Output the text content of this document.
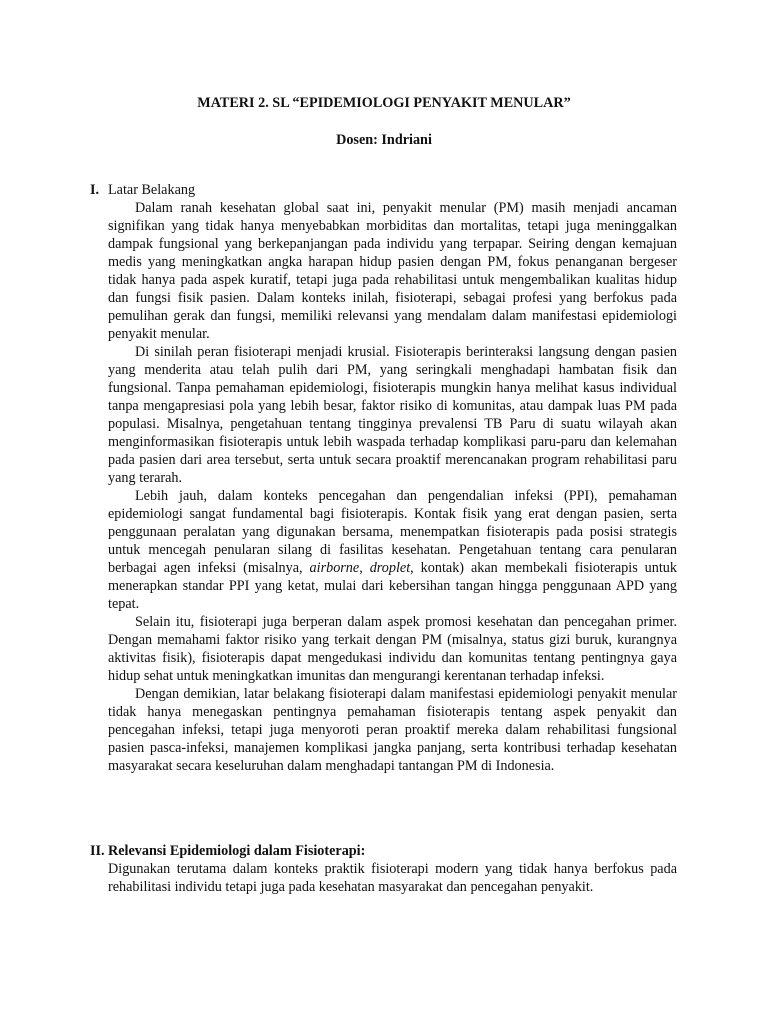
MATERI 2. SL “EPIDEMIOLOGI PENYAKIT MENULAR”
Dosen: Indriani
I. Latar Belakang

Dalam ranah kesehatan global saat ini, penyakit menular (PM) masih menjadi ancaman signifikan yang tidak hanya menyebabkan morbiditas dan mortalitas, tetapi juga meninggalkan dampak fungsional yang berkepanjangan pada individu yang terpapar. Seiring dengan kemajuan medis yang meningkatkan angka harapan hidup pasien dengan PM, fokus penanganan bergeser tidak hanya pada aspek kuratif, tetapi juga pada rehabilitasi untuk mengembalikan kualitas hidup dan fungsi fisik pasien. Dalam konteks inilah, fisioterapi, sebagai profesi yang berfokus pada pemulihan gerak dan fungsi, memiliki relevansi yang mendalam dalam manifestasi epidemiologi penyakit menular.

Di sinilah peran fisioterapi menjadi krusial. Fisioterapis berinteraksi langsung dengan pasien yang menderita atau telah pulih dari PM, yang seringkali menghadapi hambatan fisik dan fungsional. Tanpa pemahaman epidemiologi, fisioterapis mungkin hanya melihat kasus individual tanpa mengapresiasi pola yang lebih besar, faktor risiko di komunitas, atau dampak luas PM pada populasi. Misalnya, pengetahuan tentang tingginya prevalensi TB Paru di suatu wilayah akan menginformasikan fisioterapis untuk lebih waspada terhadap komplikasi paru-paru dan kelemahan pada pasien dari area tersebut, serta untuk secara proaktif merencanakan program rehabilitasi paru yang terarah.

Lebih jauh, dalam konteks pencegahan dan pengendalian infeksi (PPI), pemahaman epidemiologi sangat fundamental bagi fisioterapis. Kontak fisik yang erat dengan pasien, serta penggunaan peralatan yang digunakan bersama, menempatkan fisioterapis pada posisi strategis untuk mencegah penularan silang di fasilitas kesehatan. Pengetahuan tentang cara penularan berbagai agen infeksi (misalnya, airborne, droplet, kontak) akan membekali fisioterapis untuk menerapkan standar PPI yang ketat, mulai dari kebersihan tangan hingga penggunaan APD yang tepat.

Selain itu, fisioterapi juga berperan dalam aspek promosi kesehatan dan pencegahan primer. Dengan memahami faktor risiko yang terkait dengan PM (misalnya, status gizi buruk, kurangnya aktivitas fisik), fisioterapis dapat mengedukasi individu dan komunitas tentang pentingnya gaya hidup sehat untuk meningkatkan imunitas dan mengurangi kerentanan terhadap infeksi.

Dengan demikian, latar belakang fisioterapi dalam manifestasi epidemiologi penyakit menular tidak hanya menegaskan pentingnya pemahaman fisioterapis tentang aspek penyakit dan pencegahan infeksi, tetapi juga menyoroti peran proaktif mereka dalam rehabilitasi fungsional pasien pasca-infeksi, manajemen komplikasi jangka panjang, serta kontribusi terhadap kesehatan masyarakat secara keseluruhan dalam menghadapi tantangan PM di Indonesia.

II. Relevansi Epidemiologi dalam Fisioterapi:

Digunakan terutama dalam konteks praktik fisioterapi modern yang tidak hanya berfokus pada rehabilitasi individu tetapi juga pada kesehatan masyarakat dan pencegahan penyakit.
